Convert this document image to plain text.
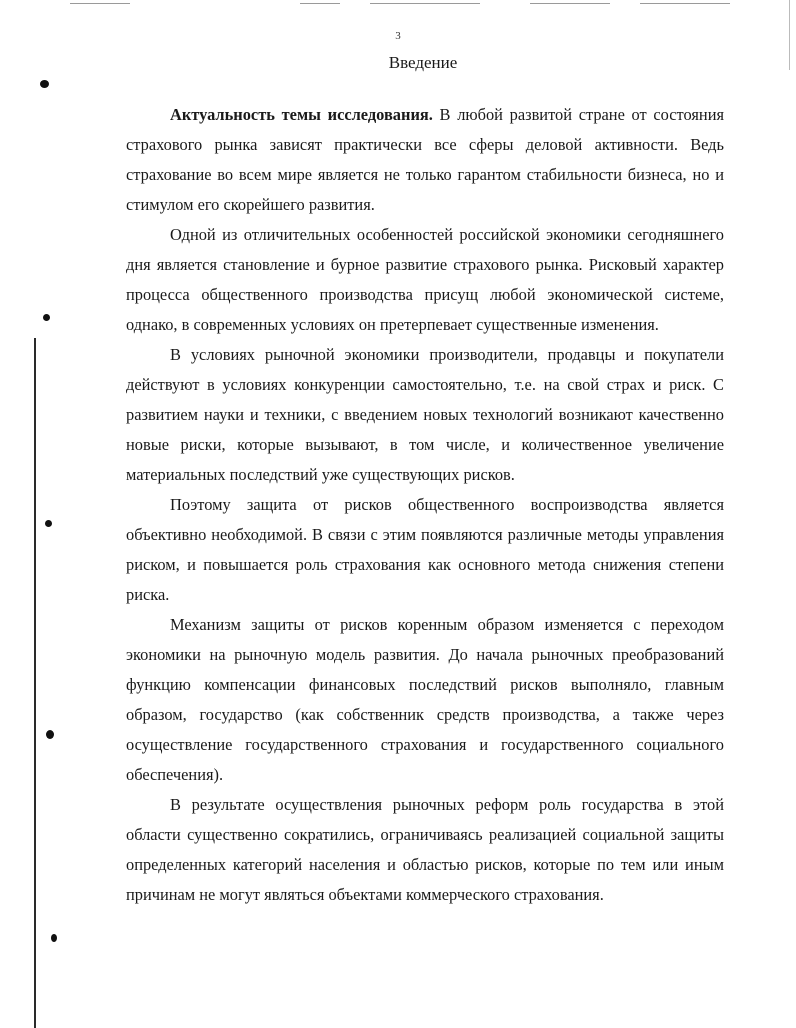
3
Введение

Актуальность темы исследования. В любой развитой стране от состояния страхового рынка зависят практически все сферы деловой активности. Ведь страхование во всем мире является не только гарантом стабильности бизнеса, но и стимулом его скорейшего развития.

Одной из отличительных особенностей российской экономики сегодняшнего дня является становление и бурное развитие страхового рынка. Рисковый характер процесса общественного производства присущ любой экономической системе, однако, в современных условиях он претерпевает существенные изменения.

В условиях рыночной экономики производители, продавцы и покупатели действуют в условиях конкуренции самостоятельно, т.е. на свой страх и риск. С развитием науки и техники, с введением новых технологий возникают качественно новые риски, которые вызывают, в том числе, и количественное увеличение материальных последствий уже существующих рисков.

Поэтому защита от рисков общественного воспроизводства является объективно необходимой. В связи с этим появляются различные методы управления риском, и повышается роль страхования как основного метода снижения степени риска.

Механизм защиты от рисков коренным образом изменяется с переходом экономики на рыночную модель развития. До начала рыночных преобразований функцию компенсации финансовых последствий рисков выполняло, главным образом, государство (как собственник средств производства, а также через осуществление государственного страхования и государственного социального обеспечения).

В результате осуществления рыночных реформ роль государства в этой области существенно сократились, ограничиваясь реализацией социальной защиты определенных категорий населения и областью рисков, которые по тем или иным причинам не могут являться объектами коммерческого страхования.
